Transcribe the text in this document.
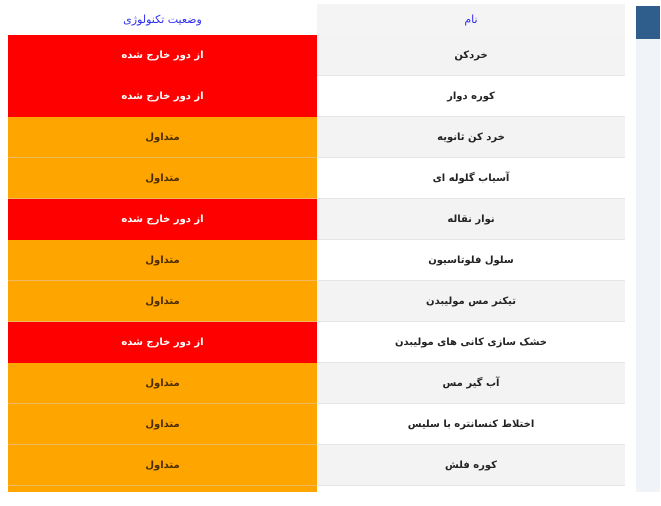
وضعیت تکنولوژی	نام
از دور خارج شده	خردکن
از دور خارج شده	کوره دوار
متداول	خرد کن ثانویه
متداول	آسیاب گلوله ای
از دور خارج شده	نوار نقاله
متداول	سلول فلوتاسیون
متداول	تیکنر مس مولیبدن
از دور خارج شده	خشک سازی کانی های مولیبدن
متداول	آب گیر مس
متداول	اختلاط کنسانتره با سلیس
متداول	کوره فلش
